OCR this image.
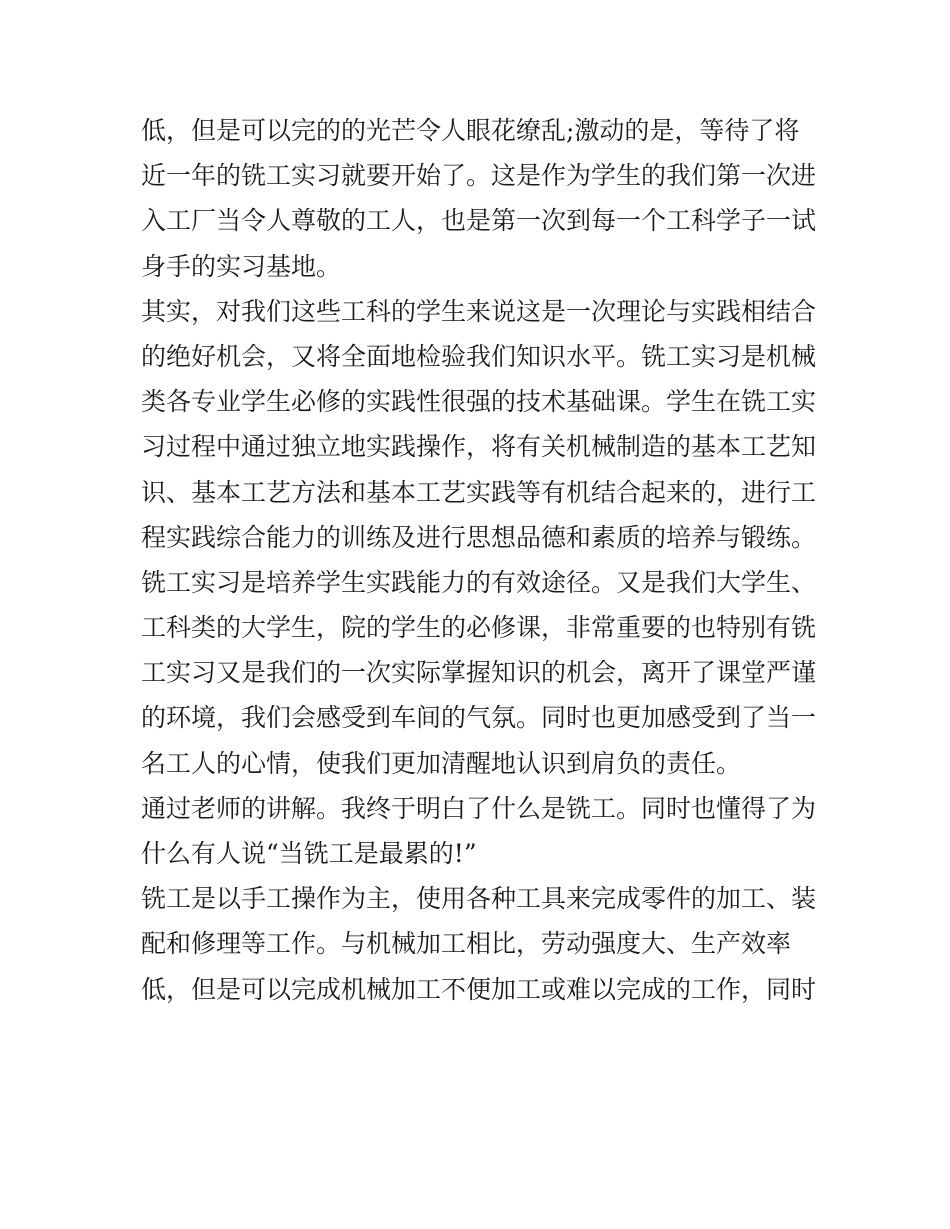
低，但是可以完的的光芒令人眼花缭乱;激动的是，等待了将
近一年的铣工实习就要开始了。这是作为学生的我们第一次进
入工厂当令人尊敬的工人，也是第一次到每一个工科学子一试
身手的实习基地。
其实，对我们这些工科的学生来说这是一次理论与实践相结合
的绝好机会，又将全面地检验我们知识水平。铣工实习是机械
类各专业学生必修的实践性很强的技术基础课。学生在铣工实
习过程中通过独立地实践操作，将有关机械制造的基本工艺知
识、基本工艺方法和基本工艺实践等有机结合起来的，进行工
程实践综合能力的训练及进行思想品德和素质的培养与锻练。
铣工实习是培养学生实践能力的有效途径。又是我们大学生、
工科类的大学生，院的学生的必修课，非常重要的也特别有铣
工实习又是我们的一次实际掌握知识的机会，离开了课堂严谨
的环境，我们会感受到车间的气氛。同时也更加感受到了当一
名工人的心情，使我们更加清醒地认识到肩负的责任。
通过老师的讲解。我终于明白了什么是铣工。同时也懂得了为
什么有人说“当铣工是最累的!”
铣工是以手工操作为主，使用各种工具来完成零件的加工、装
配和修理等工作。与机械加工相比，劳动强度大、生产效率
低，但是可以完成机械加工不便加工或难以完成的工作，同时
